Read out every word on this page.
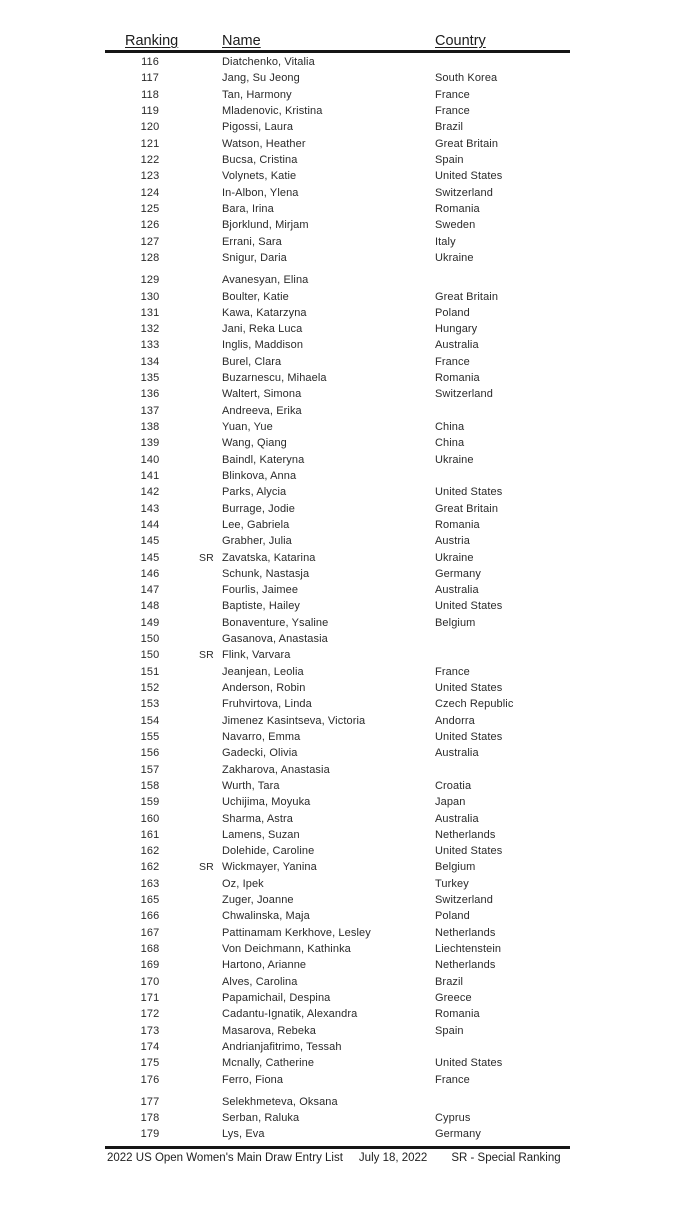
Ranking	Name	Country
116	Diatchenko, Vitalia
117	Jang, Su Jeong	South Korea
118	Tan, Harmony	France
119	Mladenovic, Kristina	France
120	Pigossi, Laura	Brazil
121	Watson, Heather	Great Britain
122	Bucsa, Cristina	Spain
123	Volynets, Katie	United States
124	In-Albon, Ylena	Switzerland
125	Bara, Irina	Romania
126	Bjorklund, Mirjam	Sweden
127	Errani, Sara	Italy
128	Snigur, Daria	Ukraine
129	Avanesyan, Elina
130	Boulter, Katie	Great Britain
131	Kawa, Katarzyna	Poland
132	Jani, Reka Luca	Hungary
133	Inglis, Maddison	Australia
134	Burel, Clara	France
135	Buzarnescu, Mihaela	Romania
136	Waltert, Simona	Switzerland
137	Andreeva, Erika
138	Yuan, Yue	China
139	Wang, Qiang	China
140	Baindl, Kateryna	Ukraine
141	Blinkova, Anna
142	Parks, Alycia	United States
143	Burrage, Jodie	Great Britain
144	Lee, Gabriela	Romania
145	Grabher, Julia	Austria
145	SR Zavatska, Katarina	Ukraine
146	Schunk, Nastasja	Germany
147	Fourlis, Jaimee	Australia
148	Baptiste, Hailey	United States
149	Bonaventure, Ysaline	Belgium
150	Gasanova, Anastasia
150	SR Flink, Varvara
151	Jeanjean, Leolia	France
152	Anderson, Robin	United States
153	Fruhvirtova, Linda	Czech Republic
154	Jimenez Kasintseva, Victoria	Andorra
155	Navarro, Emma	United States
156	Gadecki, Olivia	Australia
157	Zakharova, Anastasia
158	Wurth, Tara	Croatia
159	Uchijima, Moyuka	Japan
160	Sharma, Astra	Australia
161	Lamens, Suzan	Netherlands
162	Dolehide, Caroline	United States
162	SR Wickmayer, Yanina	Belgium
163	Oz, Ipek	Turkey
165	Zuger, Joanne	Switzerland
166	Chwalinska, Maja	Poland
167	Pattinamam Kerkhove, Lesley	Netherlands
168	Von Deichmann, Kathinka	Liechtenstein
169	Hartono, Arianne	Netherlands
170	Alves, Carolina	Brazil
171	Papamichail, Despina	Greece
172	Cadantu-Ignatik, Alexandra	Romania
173	Masarova, Rebeka	Spain
174	Andrianjafitrimo, Tessah
175	Mcnally, Catherine	United States
176	Ferro, Fiona	France
177	Selekhmeteva, Oksana
178	Serban, Raluka	Cyprus
179	Lys, Eva	Germany
2022 US Open Women's Main Draw Entry List July 18, 2022 SR - Special Ranking
